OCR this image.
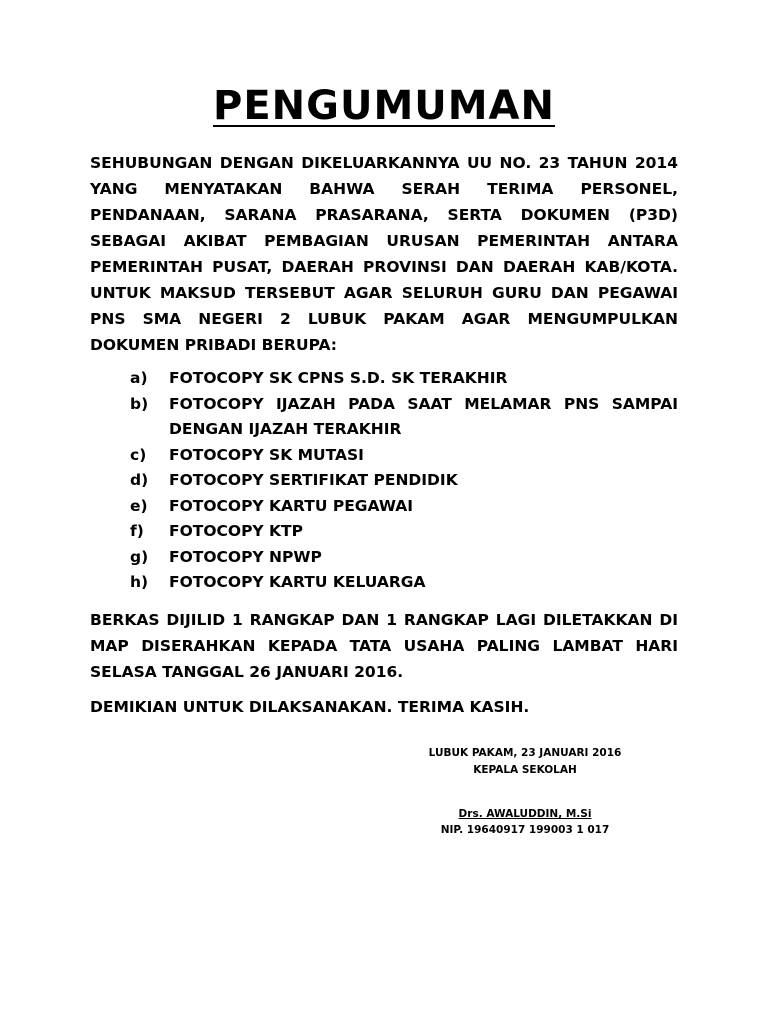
PENGUMUMAN
SEHUBUNGAN DENGAN DIKELUARKANNYA UU NO. 23 TAHUN 2014 YANG MENYATAKAN BAHWA SERAH TERIMA PERSONEL, PENDANAAN, SARANA PRASARANA, SERTA DOKUMEN (P3D) SEBAGAI AKIBAT PEMBAGIAN URUSAN PEMERINTAH ANTARA PEMERINTAH PUSAT, DAERAH PROVINSI DAN DAERAH KAB/KOTA. UNTUK MAKSUD TERSEBUT AGAR SELURUH GURU DAN PEGAWAI PNS SMA NEGERI 2 LUBUK PAKAM AGAR MENGUMPULKAN DOKUMEN PRIBADI BERUPA:
a)	FOTOCOPY SK CPNS S.D. SK TERAKHIR
b)	FOTOCOPY IJAZAH PADA SAAT MELAMAR PNS SAMPAI DENGAN IJAZAH TERAKHIR
c)	FOTOCOPY SK MUTASI
d)	FOTOCOPY SERTIFIKAT PENDIDIK
e)	FOTOCOPY KARTU PEGAWAI
f)	FOTOCOPY KTP
g)	FOTOCOPY NPWP
h)	FOTOCOPY KARTU KELUARGA
BERKAS DIJILID 1 RANGKAP DAN 1 RANGKAP LAGI DILETAKKAN DI MAP DISERAHKAN KEPADA TATA USAHA PALING LAMBAT HARI SELASA TANGGAL 26 JANUARI 2016.
DEMIKIAN UNTUK DILAKSANAKAN. TERIMA KASIH.
LUBUK PAKAM, 23 JANUARI 2016
KEPALA SEKOLAH
Drs. AWALUDDIN, M.Si
NIP. 19640917 199003 1 017
